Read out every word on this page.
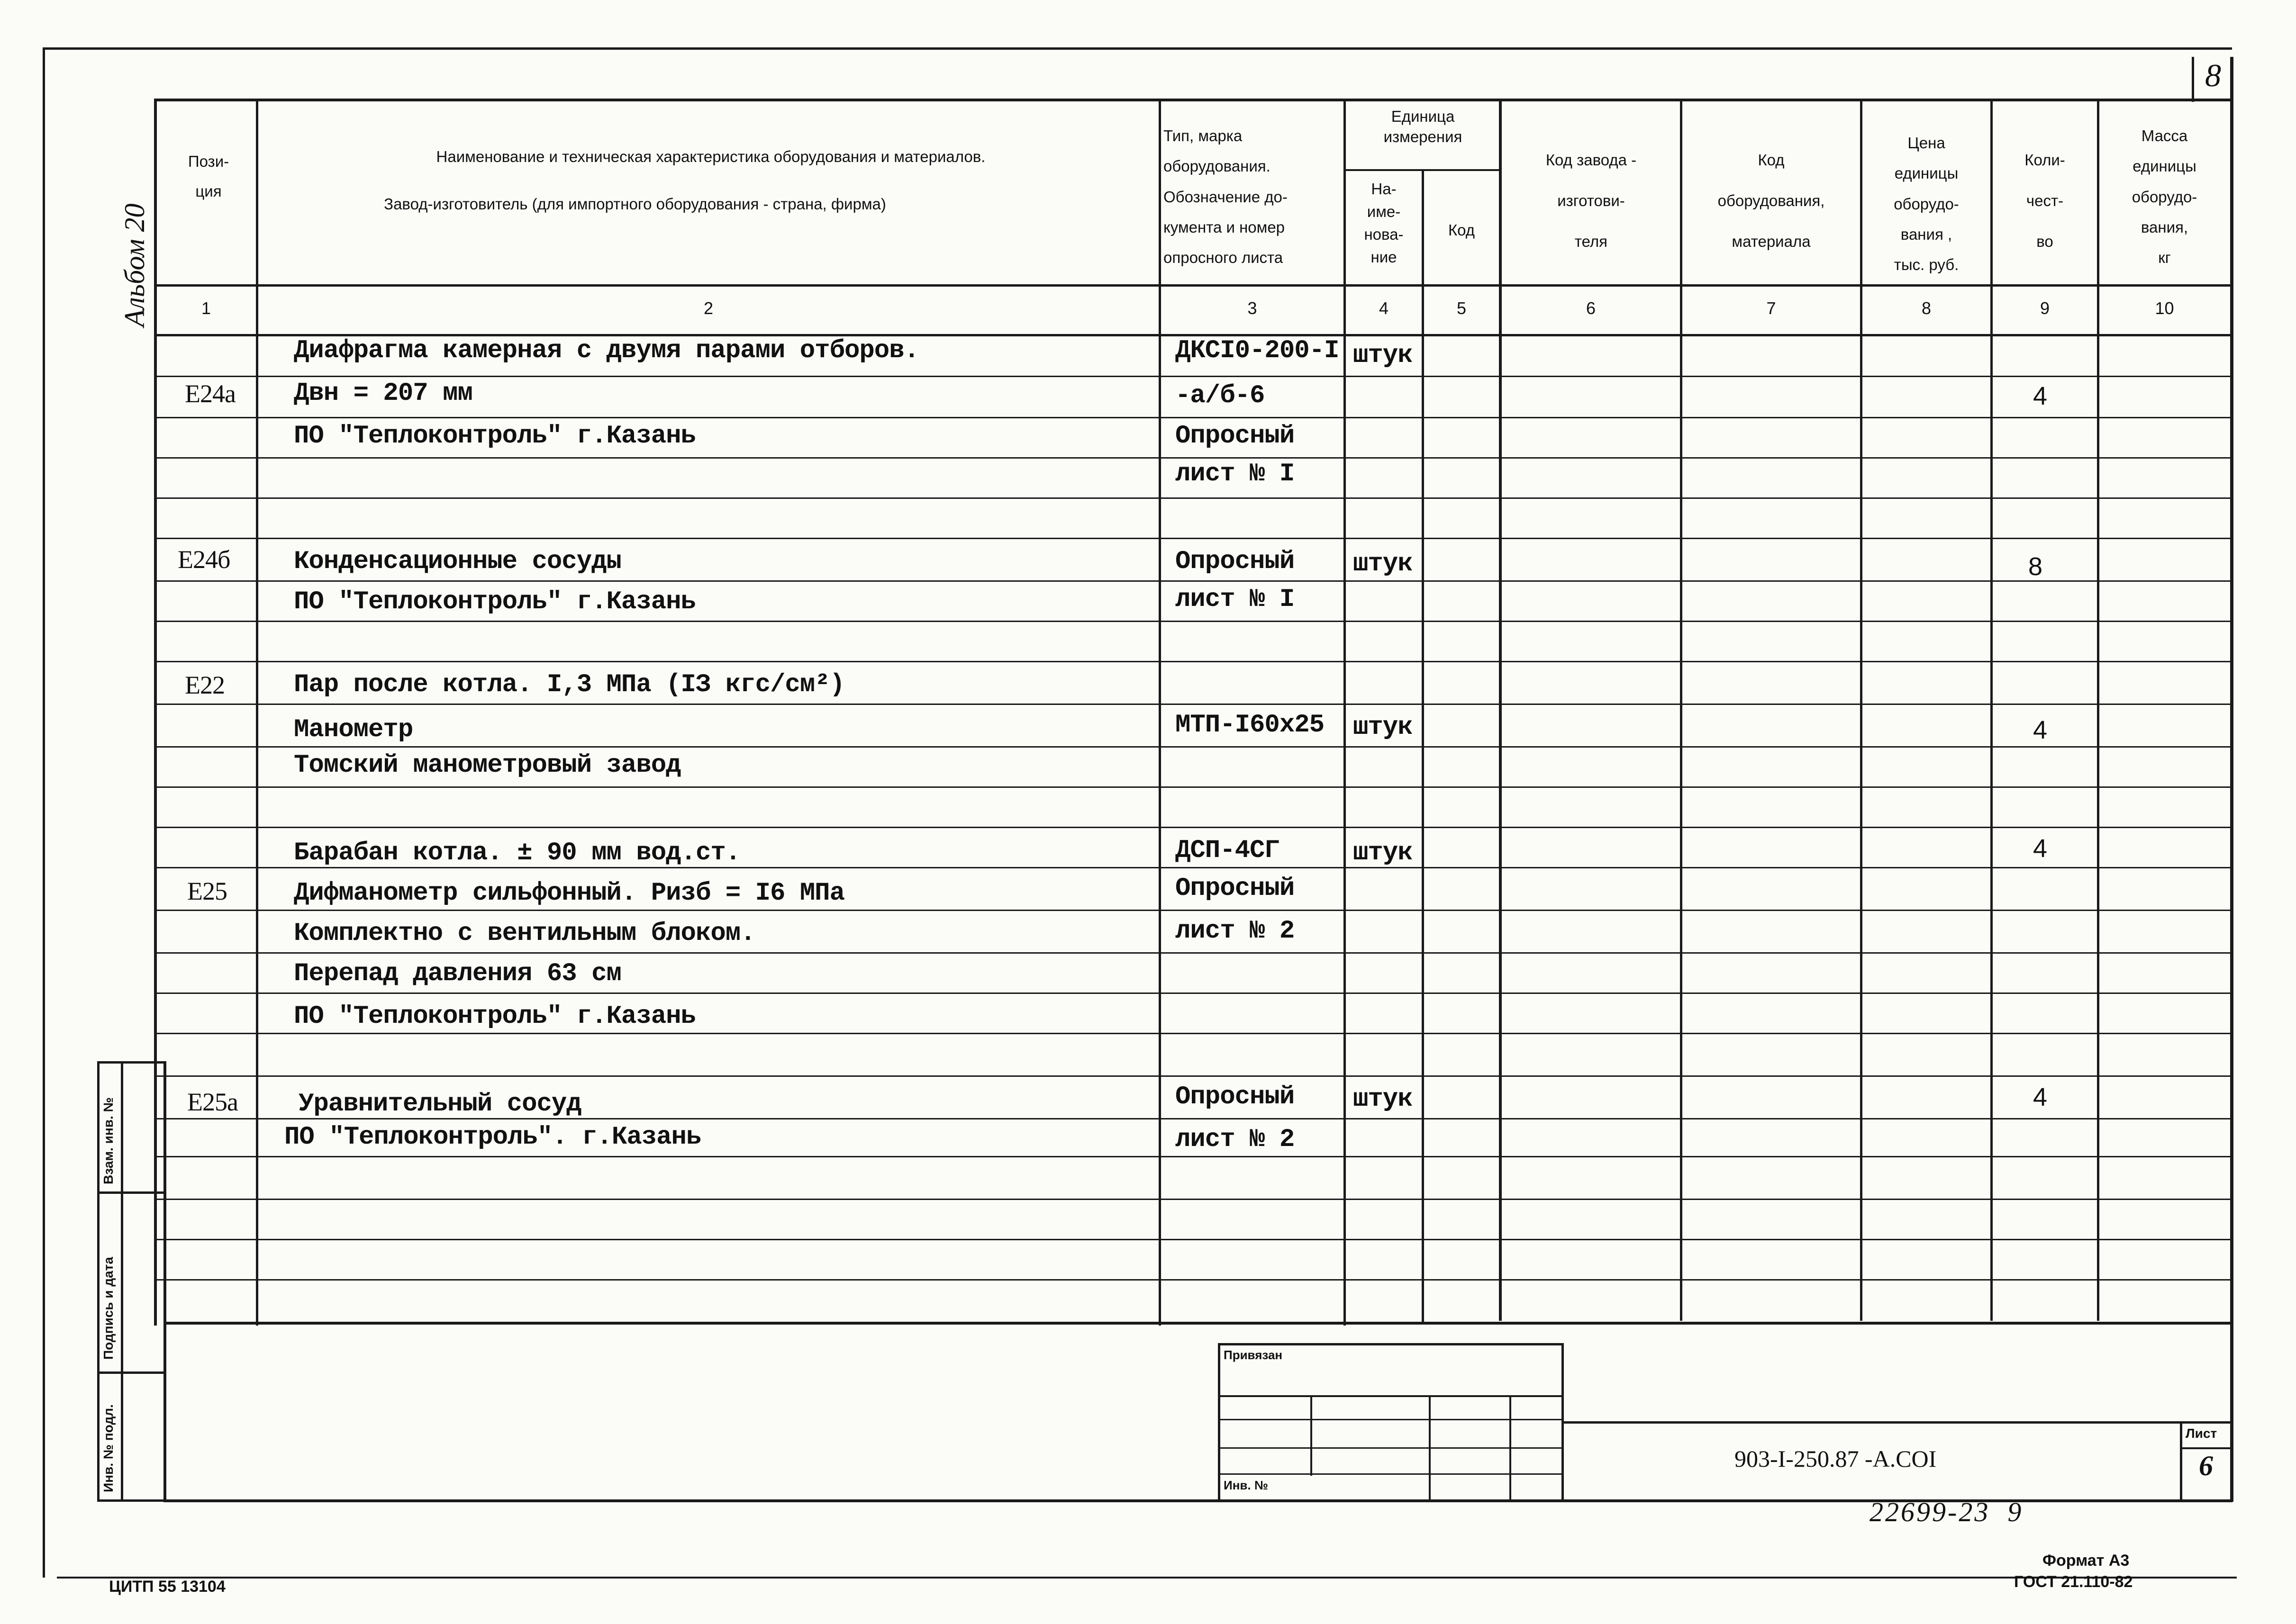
8
Альбом 20
Пози-
ция
Наименование и техническая характеристика оборудования и материалов.
Завод-изготовитель (для импортного оборудования - страна, фирма)
Тип, марка
оборудования.
Обозначение до-
кумента и номер
опросного листа
Единица
измерения
На-
име-
нова-
ние
Код
Код завода -
изготови-
теля
Код
оборудования,
материала
Цена
единицы
оборудо-
вания ,
тыс. руб.
Коли-
чест-
во
Масса
единицы
оборудо-
вания,
кг
1	2	3	4	5	6	7	8	9	10
Диафрагма камерная с двумя парами отборов.	ДКСІ0-200-І штук
Е24а Двн = 207 мм	-а/б-6	4
ПО "Теплоконтроль" г.Казань	Опросный
лист № І
Е24б Конденсационные сосуды	Опросный штук	8
ПО "Теплоконтроль" г.Казань	лист № І
Е22	Пар после котла. І,3 МПа (ІЗ кгс/см²)
Манометр	МТП-І60х25 штук	4
Томский манометровый завод
Барабан котла. ± 90 мм вод.ст.	ДСП-4СГ	штук	4
Е25	Дифманометр сильфонный. Ризб = І6 МПа	Опросный
Комплектно с вентильным блоком.	лист № 2
Перепад давления 63 см
ПО "Теплоконтроль" г.Казань
Е25а Уравнительный сосуд	Опросный штук	4
ПО "Теплоконтроль". г.Казань	лист № 2
Взам. инв. №
Подпись и дата
Инв. № подл.
Привязан
Инв. №
903-І-250.87 -А.СОІ
Лист
6
22699-23  9
Формат А3
ГОСТ 21.110-82
ЦИТП 55 13104
